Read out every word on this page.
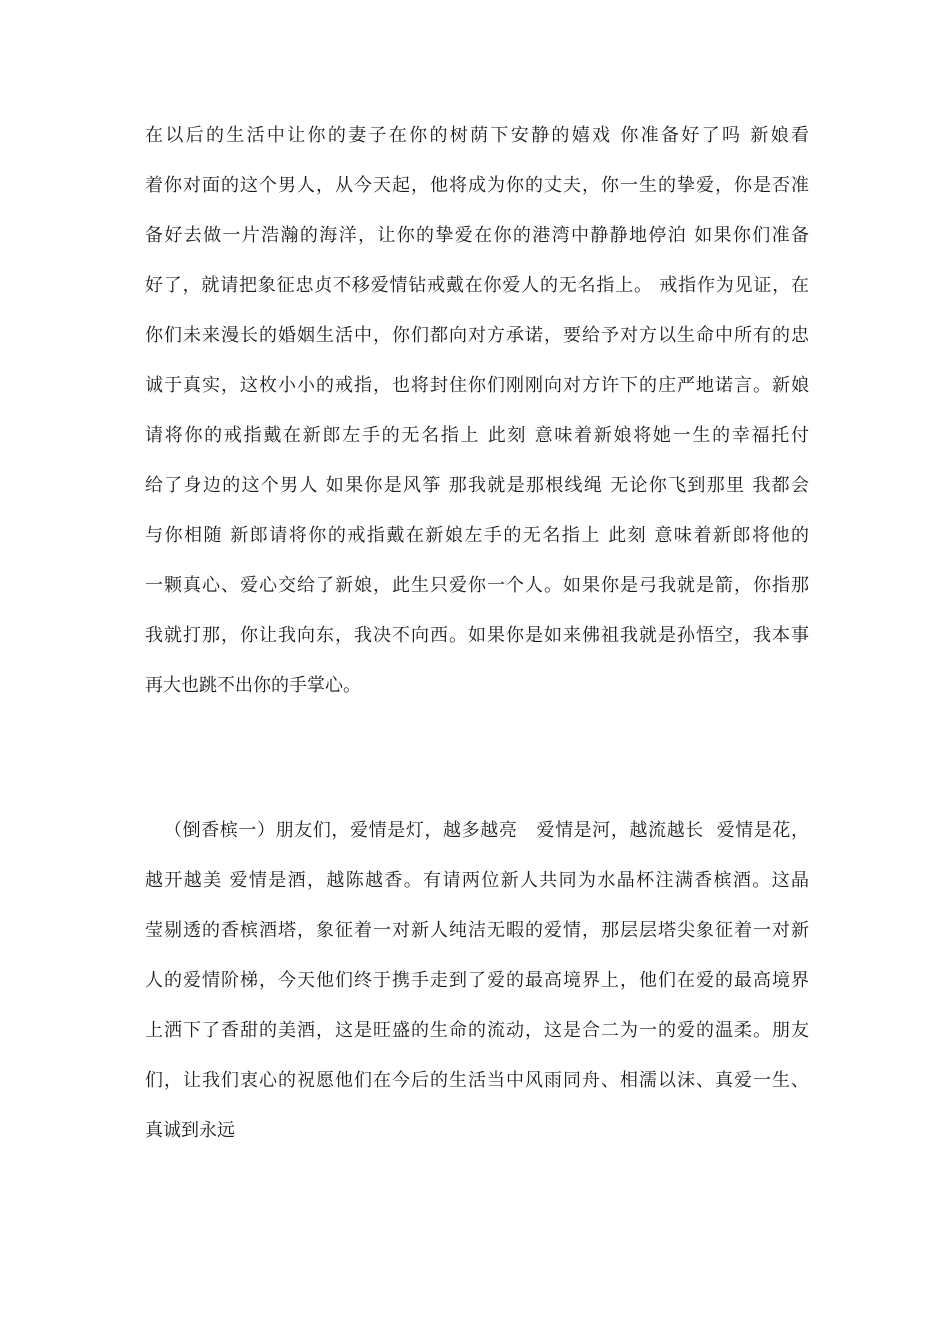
在以后的生活中让你的妻子在你的树荫下安静的嬉戏 你准备好了吗 新娘看
着你对面的这个男人，从今天起，他将成为你的丈夫，你一生的挚爱，你是否准
备好去做一片浩瀚的海洋，让你的挚爱在你的港湾中静静地停泊 如果你们准备
好了，就请把象征忠贞不移爱情钻戒戴在你爱人的无名指上。 戒指作为见证，在
你们未来漫长的婚姻生活中，你们都向对方承诺，要给予对方以生命中所有的忠
诚于真实，这枚小小的戒指，也将封住你们刚刚向对方许下的庄严地诺言。新娘
请将你的戒指戴在新郎左手的无名指上 此刻 意味着新娘将她一生的幸福托付
给了身边的这个男人 如果你是风筝 那我就是那根线绳 无论你飞到那里 我都会
与你相随 新郎请将你的戒指戴在新娘左手的无名指上 此刻 意味着新郎将他的
一颗真心、爱心交给了新娘，此生只爱你一个人。如果你是弓我就是箭，你指那
我就打那，你让我向东，我决不向西。如果你是如来佛祖我就是孙悟空，我本事
再大也跳不出你的手掌心。
（倒香槟一）朋友们，爱情是灯，越多越亮   爱情是河，越流越长  爱情是花，
越开越美 爱情是酒，越陈越香。有请两位新人共同为水晶杯注满香槟酒。这晶
莹剔透的香槟酒塔，象征着一对新人纯洁无暇的爱情，那层层塔尖象征着一对新
人的爱情阶梯，今天他们终于携手走到了爱的最高境界上，他们在爱的最高境界
上洒下了香甜的美酒，这是旺盛的生命的流动，这是合二为一的爱的温柔。朋友
们，让我们衷心的祝愿他们在今后的生活当中风雨同舟、相濡以沫、真爱一生、
真诚到永远
